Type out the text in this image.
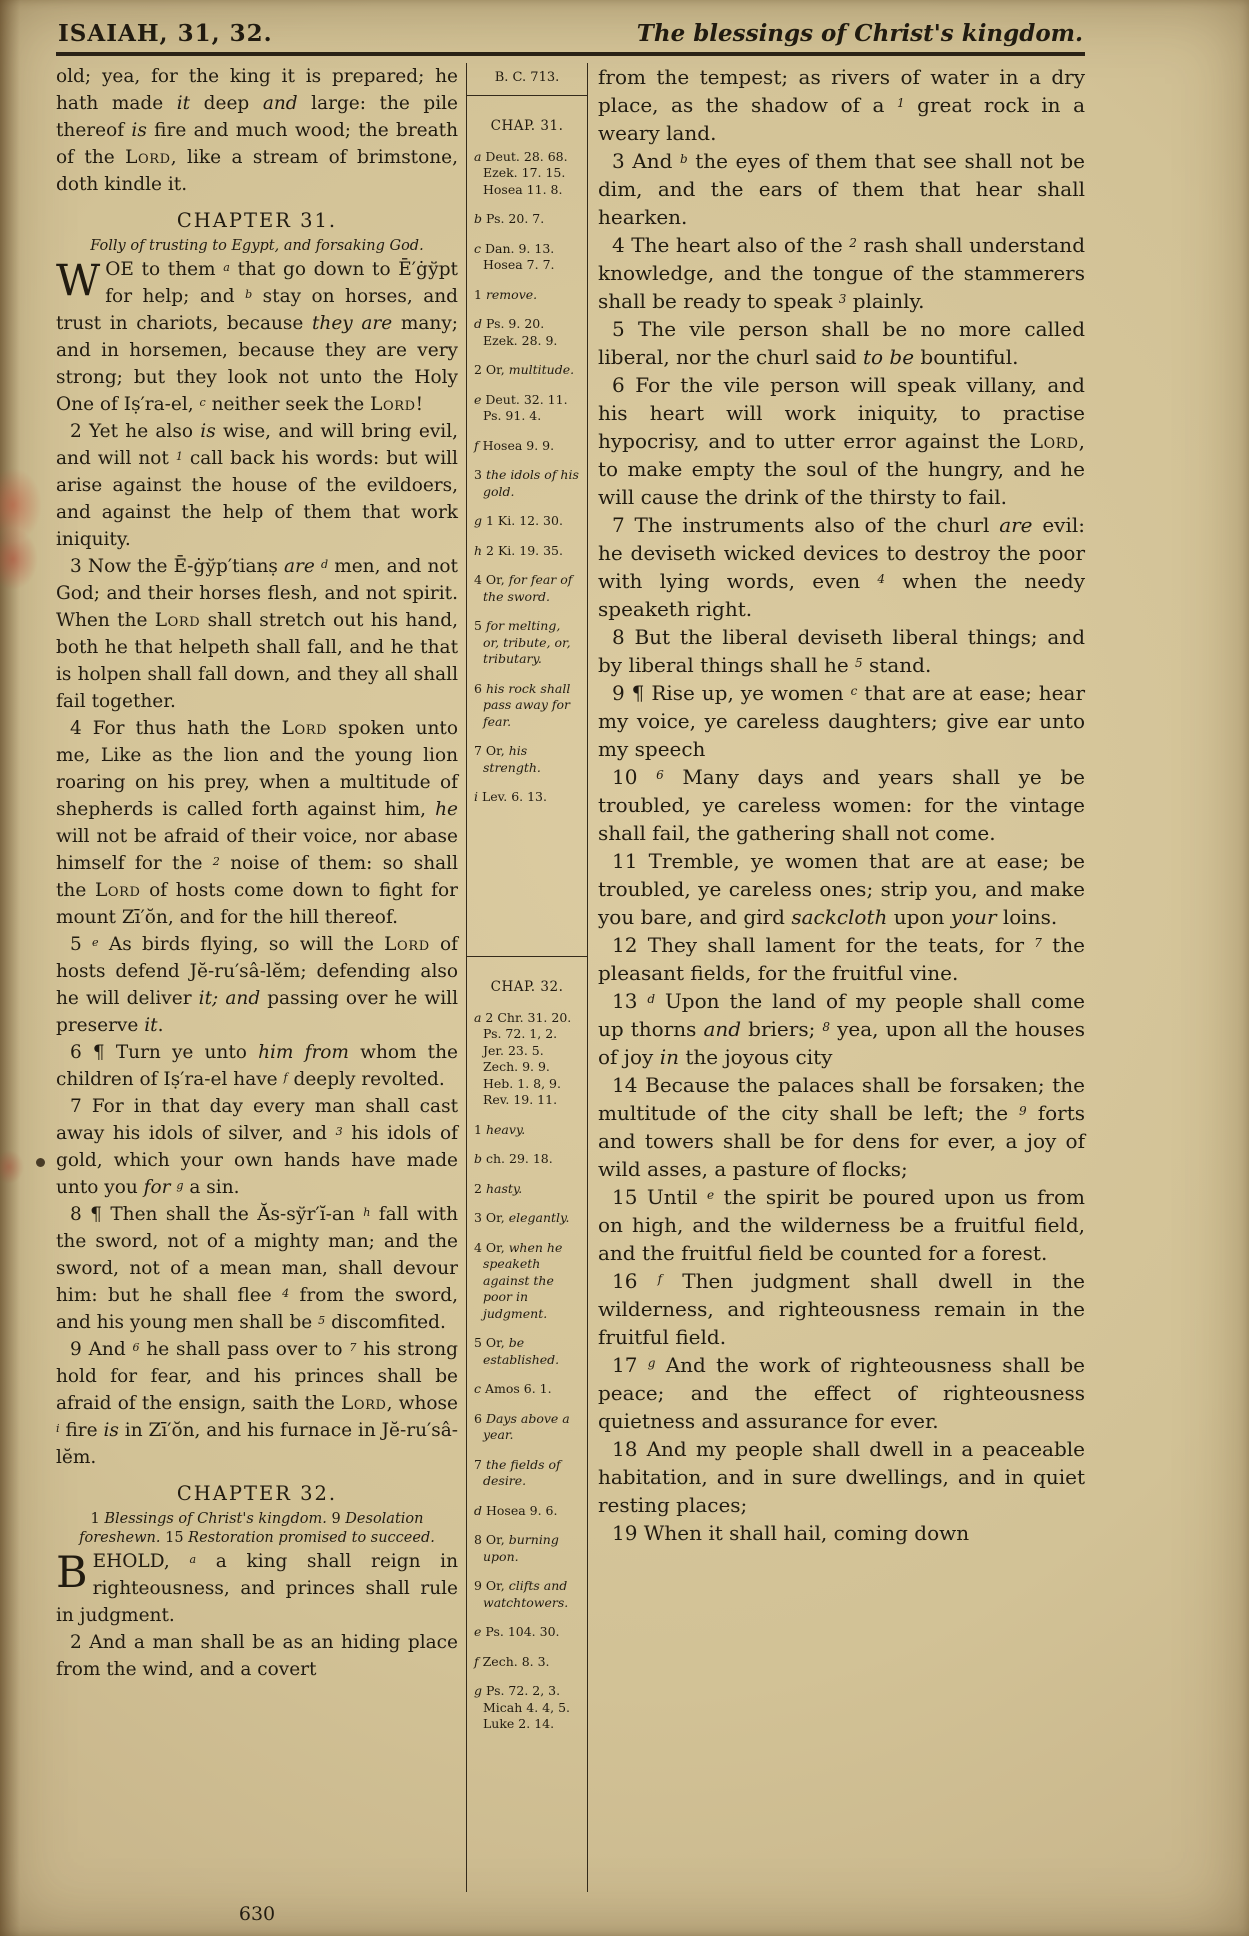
ISAIAH, 31, 32.	The blessings of Christ's kingdom.

old; yea, for the king it is prepared; he hath made it deep and large: the pile thereof is fire and much wood; the breath of the Lord, like a stream of brimstone, doth kindle it.

CHAPTER 31.

Folly of trusting to Egypt, and forsaking God.

WOE to them $^a$ that go down to Ē′ġўpt for help; and $^b$ stay on horses, and trust in chariots, because they are many; and in horsemen, because they are very strong; but they look not unto the Holy One of Iṣ′ra-el, $^c$ neither seek the Lord!

2 Yet he also is wise, and will bring evil, and will not $^1$ call back his words: but will arise against the house of the evildoers, and against the help of them that work iniquity.

3 Now the Ē-ġўp′tianṣ are $^d$ men, and not God; and their horses flesh, and not spirit. When the Lord shall stretch out his hand, both he that helpeth shall fall, and he that is holpen shall fall down, and they all shall fail together.

4 For thus hath the Lord spoken unto me, Like as the lion and the young lion roaring on his prey, when a multitude of shepherds is called forth against him, he will not be afraid of their voice, nor abase himself for the $^2$ noise of them: so shall the Lord of hosts come down to fight for mount Zī′ŏn, and for the hill thereof.

5 $^e$ As birds flying, so will the Lord of hosts defend Jĕ-ru′sâ-lĕm; defending also he will deliver it; and passing over he will preserve it.

6 ¶ Turn ye unto him from whom the children of Iṣ′ra-el have $^f$ deeply revolted.

7 For in that day every man shall cast away his idols of silver, and $^3$ his idols of gold, which your own hands have made unto you for $^g$ a sin.

8 ¶ Then shall the Ăs-sўr′ĭ-an $^h$ fall with the sword, not of a mighty man; and the sword, not of a mean man, shall devour him: but he shall flee $^4$ from the sword, and his young men shall be $^5$ discomfited.

9 And $^6$ he shall pass over to $^7$ his strong hold for fear, and his princes shall be afraid of the ensign, saith the Lord, whose $^i$ fire is in Zī′ŏn, and his furnace in Jĕ-ru′sâ-lĕm.

CHAPTER 32.

1 Blessings of Christ's kingdom. 9 Desolation foreshewn. 15 Restoration promised to succeed.

BEHOLD, $^a$ a king shall reign in righteousness, and princes shall rule in judgment.

2 And a man shall be as an hiding place from the wind, and a covert

B. C. 713.
CHAP. 31.

a Deut. 28. 68.
Ezek. 17. 15.
Hosea 11. 8.

b Ps. 20. 7.

c Dan. 9. 13.
Hosea 7. 7.

1 remove.

d Ps. 9. 20.
Ezek. 28. 9.

2 Or, multitude.

e Deut. 32. 11.
Ps. 91. 4.

f Hosea 9. 9.

3 the idols of his gold.

g 1 Ki. 12. 30.

h 2 Ki. 19. 35.

4 Or, for fear of the sword.

5 for melting, or, tribute, or, tributary.

6 his rock shall pass away for fear.

7 Or, his strength.

i Lev. 6. 13.

CHAP. 32.

a 2 Chr. 31. 20.
Ps. 72. 1, 2.
Jer. 23. 5.
Zech. 9. 9.
Heb. 1. 8, 9.
Rev. 19. 11.

1 heavy.

b ch. 29. 18.

2 hasty.

3 Or, elegantly.

4 Or, when he speaketh against the poor in judgment.

5 Or, be established.

c Amos 6. 1.

6 Days above a year.

7 the fields of desire.

d Hosea 9. 6.

8 Or, burning upon.

9 Or, clifts and watchtowers.

e Ps. 104. 30.

f Zech. 8. 3.

g Ps. 72. 2, 3.
Micah 4. 4, 5.
Luke 2. 14.

from the tempest; as rivers of water in a dry place, as the shadow of a $^1$ great rock in a weary land.

3 And $^b$ the eyes of them that see shall not be dim, and the ears of them that hear shall hearken.

4 The heart also of the $^2$ rash shall understand knowledge, and the tongue of the stammerers shall be ready to speak $^3$ plainly.

5 The vile person shall be no more called liberal, nor the churl said to be bountiful.

6 For the vile person will speak villany, and his heart will work iniquity, to practise hypocrisy, and to utter error against the Lord, to make empty the soul of the hungry, and he will cause the drink of the thirsty to fail.

7 The instruments also of the churl are evil: he deviseth wicked devices to destroy the poor with lying words, even $^4$ when the needy speaketh right.

8 But the liberal deviseth liberal things; and by liberal things shall he $^5$ stand.

9 ¶ Rise up, ye women $^c$ that are at ease; hear my voice, ye careless daughters; give ear unto my speech

10 $^6$ Many days and years shall ye be troubled, ye careless women: for the vintage shall fail, the gathering shall not come.

11 Tremble, ye women that are at ease; be troubled, ye careless ones; strip you, and make you bare, and gird sackcloth upon your loins.

12 They shall lament for the teats, for $^7$ the pleasant fields, for the fruitful vine.

13 $^d$ Upon the land of my people shall come up thorns and briers; $^8$ yea, upon all the houses of joy in the joyous city

14 Because the palaces shall be forsaken; the multitude of the city shall be left; the $^9$ forts and towers shall be for dens for ever, a joy of wild asses, a pasture of flocks;

15 Until $^e$ the spirit be poured upon us from on high, and the wilderness be a fruitful field, and the fruitful field be counted for a forest.

16 $^f$ Then judgment shall dwell in the wilderness, and righteousness remain in the fruitful field.

17 $^g$ And the work of righteousness shall be peace; and the effect of righteousness quietness and assurance for ever.

18 And my people shall dwell in a peaceable habitation, and in sure dwellings, and in quiet resting places;

19 When it shall hail, coming down

630
